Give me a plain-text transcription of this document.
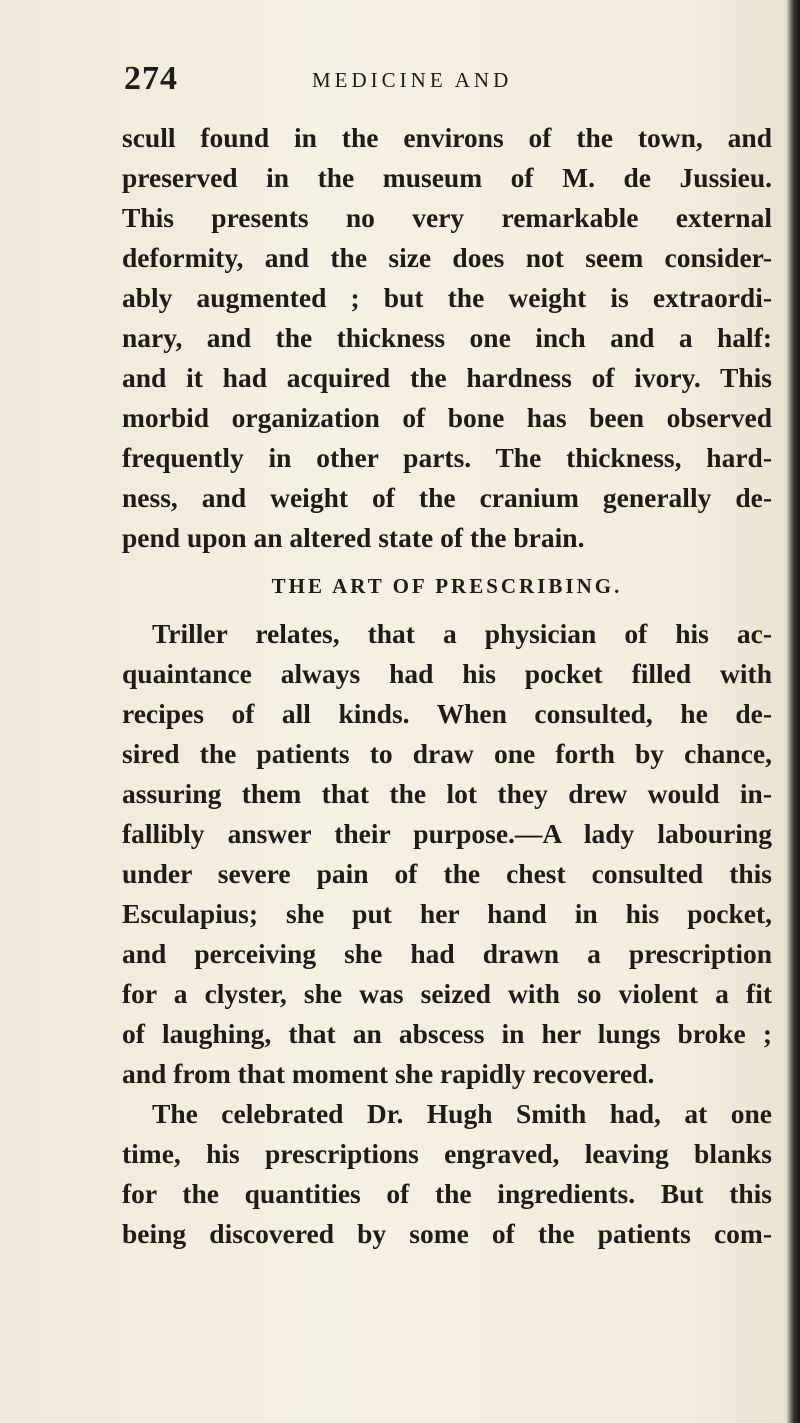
274	MEDICINE AND
scull found in the environs of the town, and
preserved in the museum of M. de Jussieu.
This presents no very remarkable external
deformity, and the size does not seem consider-
ably augmented ; but the weight is extraordi-
nary, and the thickness one inch and a half:
and it had acquired the hardness of ivory. This
morbid organization of bone has been observed
frequently in other parts. The thickness, hard-
ness, and weight of the cranium generally de-
pend upon an altered state of the brain.
THE ART OF PRESCRIBING.
Triller relates, that a physician of his ac-
quaintance always had his pocket filled with
recipes of all kinds. When consulted, he de-
sired the patients to draw one forth by chance,
assuring them that the lot they drew would in-
fallibly answer their purpose.—A lady labouring
under severe pain of the chest consulted this
Esculapius; she put her hand in his pocket,
and perceiving she had drawn a prescription
for a clyster, she was seized with so violent a fit
of laughing, that an abscess in her lungs broke ;
and from that moment she rapidly recovered.
The celebrated Dr. Hugh Smith had, at one
time, his prescriptions engraved, leaving blanks
for the quantities of the ingredients. But this
being discovered by some of the patients com-
